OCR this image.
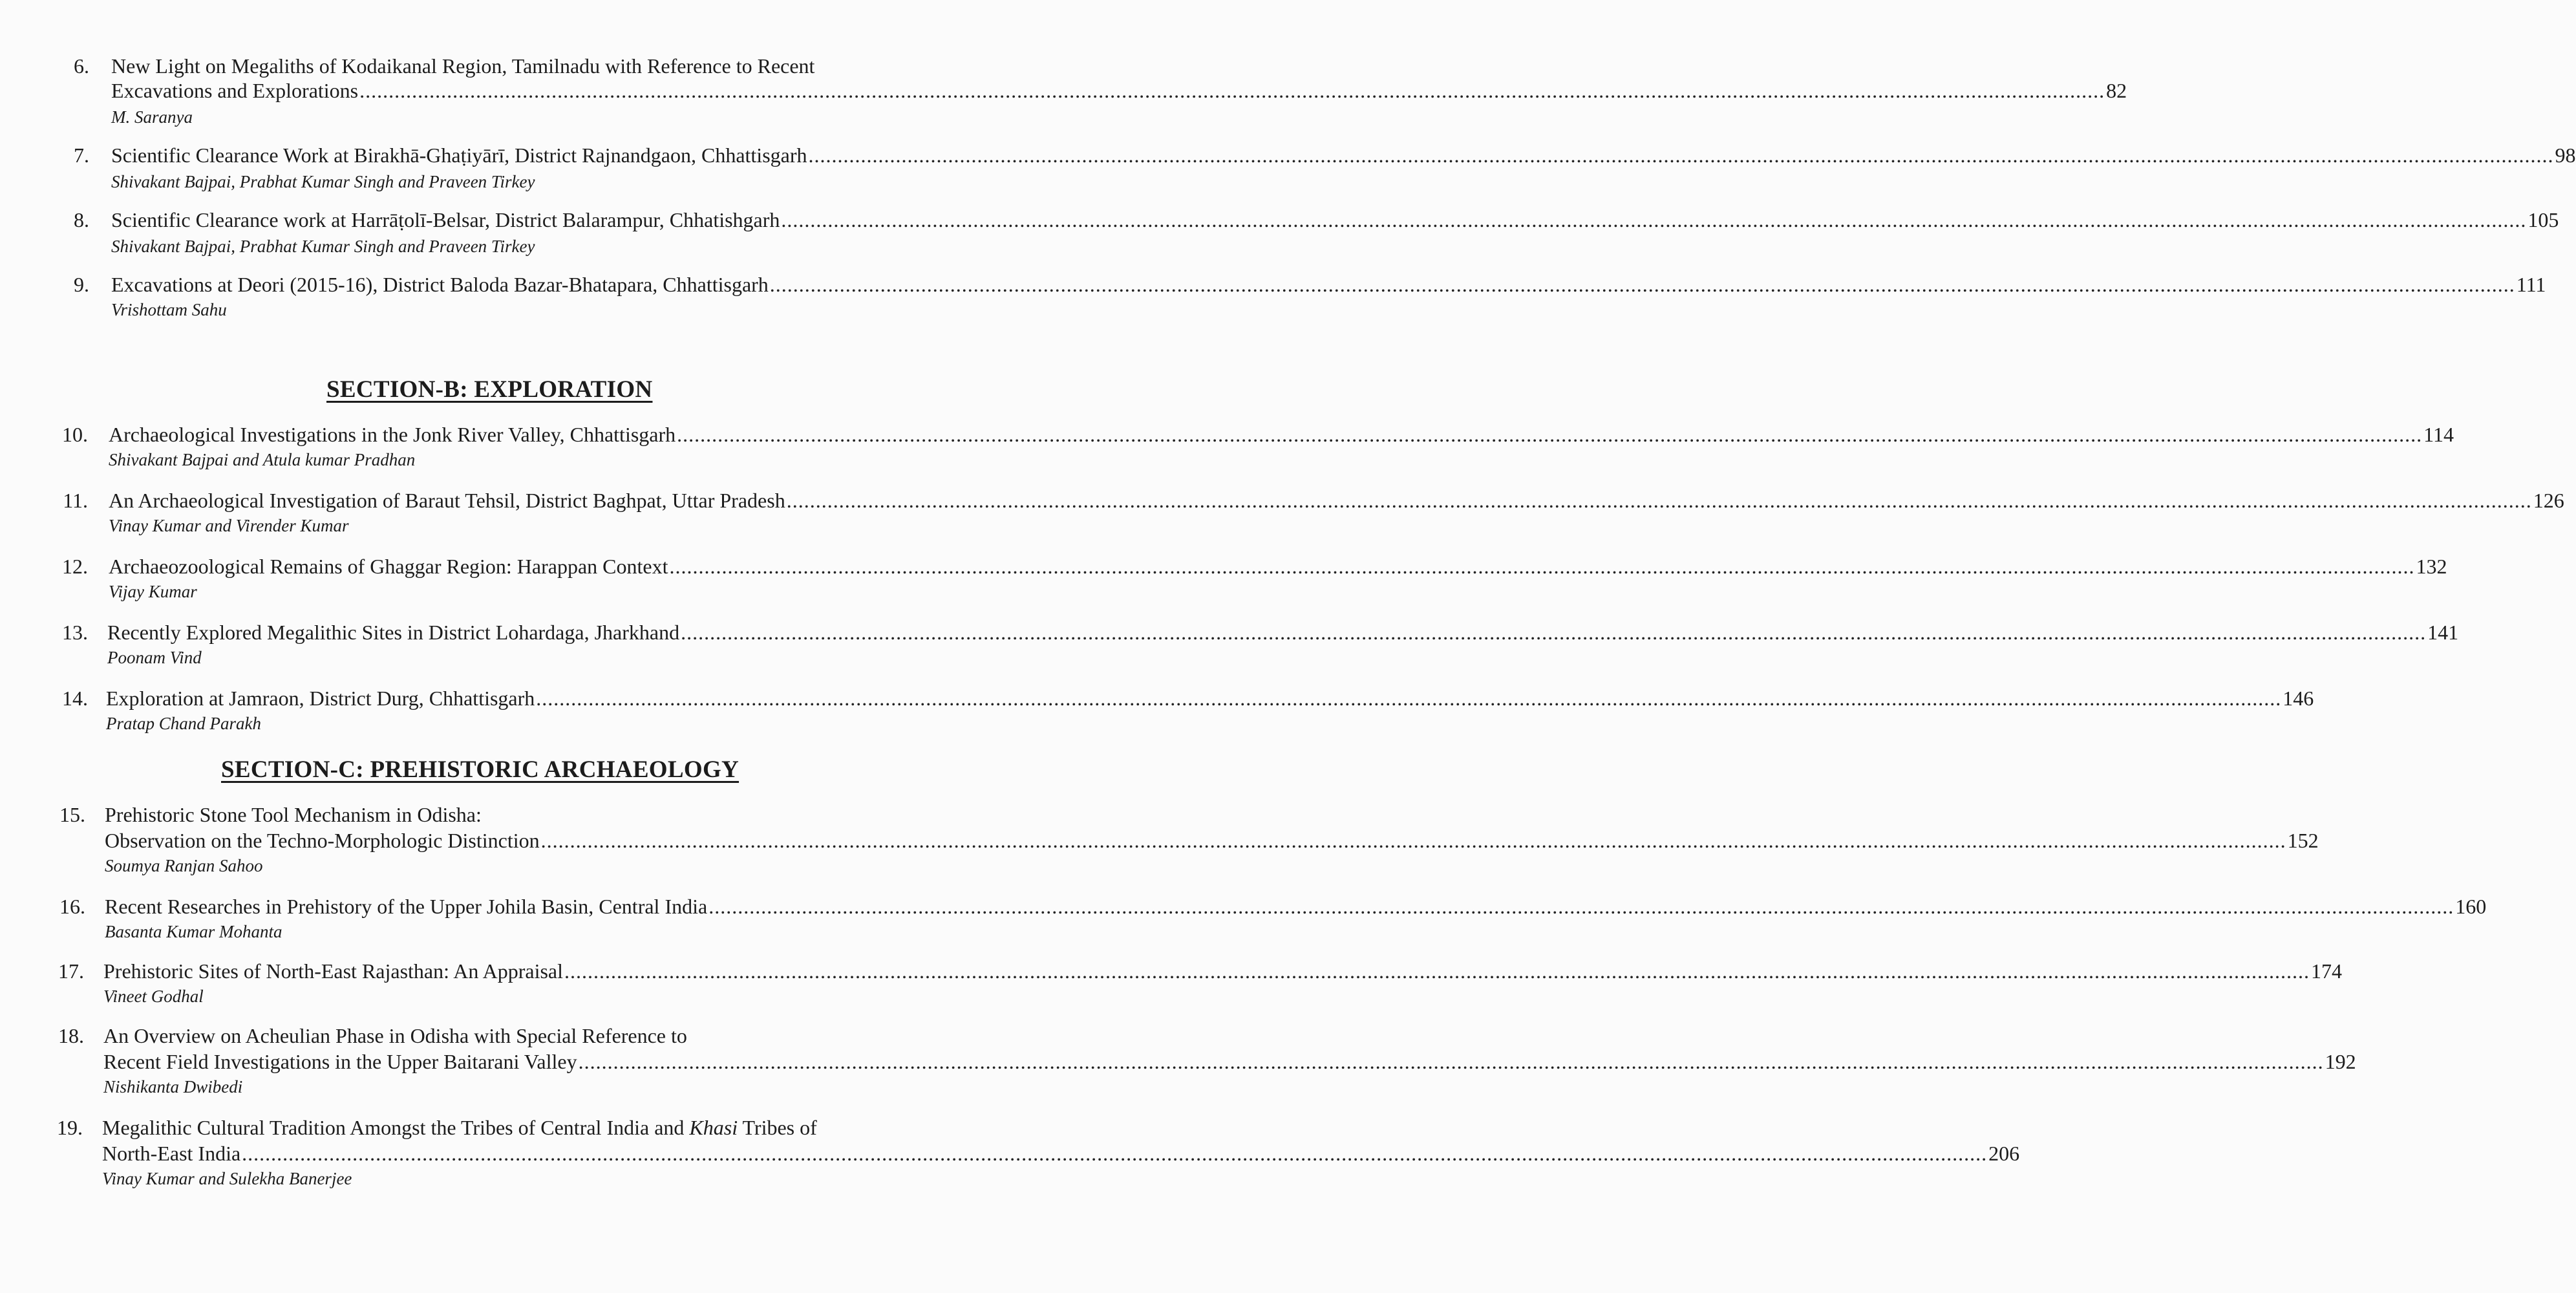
6. New Light on Megaliths of Kodaikanal Region, Tamilnadu with Reference to Recent
Excavations and Explorations ............................................................................................................................................................................................................................................................................................................ 82
M. Saranya
7. Scientific Clearance Work at Birakhā-Ghaṭiyārī, District Rajnandgaon, Chhattisgarh ............................................................................................................................................................................................................................................................................................................ 98
Shivakant Bajpai, Prabhat Kumar Singh and Praveen Tirkey
8. Scientific Clearance work at Harrāṭolī-Belsar, District Balarampur, Chhatishgarh ............................................................................................................................................................................................................................................................................................................ 105
Shivakant Bajpai, Prabhat Kumar Singh and Praveen Tirkey
9. Excavations at Deori (2015-16), District Baloda Bazar-Bhatapara, Chhattisgarh ............................................................................................................................................................................................................................................................................................................ 111
Vrishottam Sahu
SECTION-B: EXPLORATION
10. Archaeological Investigations in the Jonk River Valley, Chhattisgarh ............................................................................................................................................................................................................................................................................................................ 114
Shivakant Bajpai and Atula kumar Pradhan
11. An Archaeological Investigation of Baraut Tehsil, District Baghpat, Uttar Pradesh ............................................................................................................................................................................................................................................................................................................ 126
Vinay Kumar and Virender Kumar
12. Archaeozoological Remains of Ghaggar Region: Harappan Context ............................................................................................................................................................................................................................................................................................................ 132
Vijay Kumar
13. Recently Explored Megalithic Sites in District Lohardaga, Jharkhand ............................................................................................................................................................................................................................................................................................................ 141
Poonam Vind
14. Exploration at Jamraon, District Durg, Chhattisgarh ............................................................................................................................................................................................................................................................................................................ 146
Pratap Chand Parakh
SECTION-C: PREHISTORIC ARCHAEOLOGY
15. Prehistoric Stone Tool Mechanism in Odisha:
Observation on the Techno-Morphologic Distinction ............................................................................................................................................................................................................................................................................................................ 152
Soumya Ranjan Sahoo
16. Recent Researches in Prehistory of the Upper Johila Basin, Central India ............................................................................................................................................................................................................................................................................................................ 160
Basanta Kumar Mohanta
17. Prehistoric Sites of North-East Rajasthan: An Appraisal ............................................................................................................................................................................................................................................................................................................ 174
Vineet Godhal
18. An Overview on Acheulian Phase in Odisha with Special Reference to
Recent Field Investigations in the Upper Baitarani Valley ............................................................................................................................................................................................................................................................................................................ 192
Nishikanta Dwibedi
19. Megalithic Cultural Tradition Amongst the Tribes of Central India and Khasi Tribes of
North-East India ............................................................................................................................................................................................................................................................................................................ 206
Vinay Kumar and Sulekha Banerjee
